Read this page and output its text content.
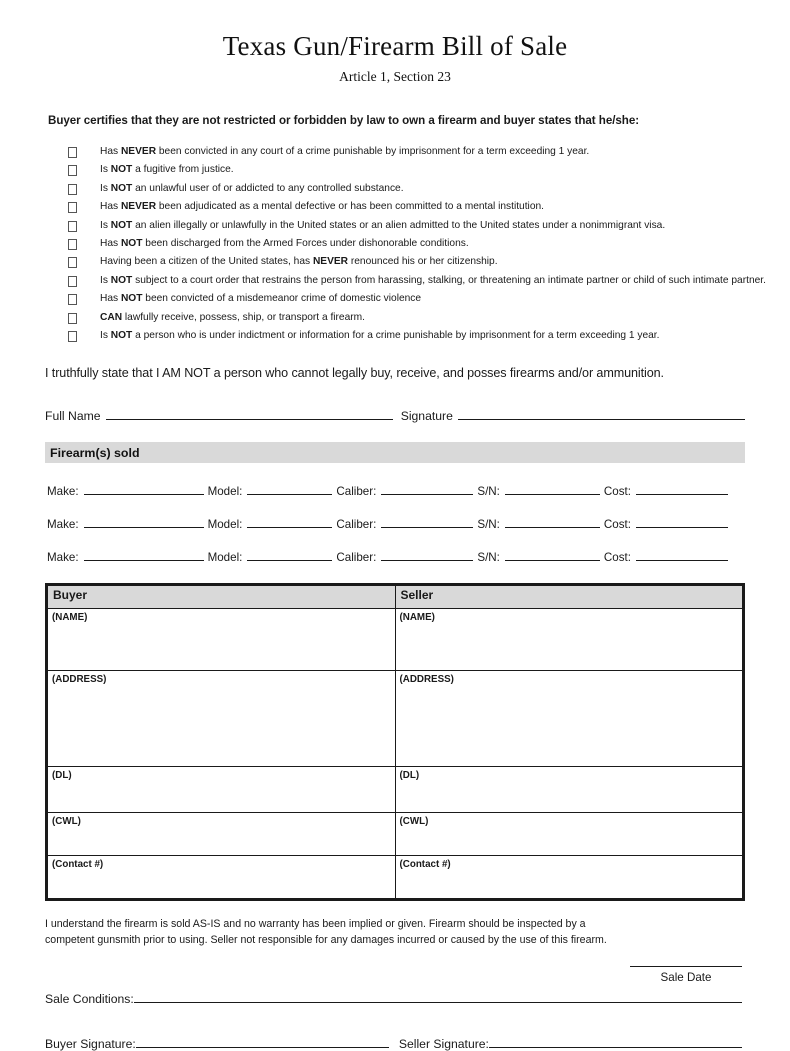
Texas Gun/Firearm Bill of Sale
Article 1, Section 23
Buyer certifies that they are not restricted or forbidden by law to own a firearm and buyer states that he/she:
Has NEVER been convicted in any court of a crime punishable by imprisonment for a term exceeding 1 year.
Is NOT a fugitive from justice.
Is NOT an unlawful user of or addicted to any controlled substance.
Has NEVER been adjudicated as a mental defective or has been committed to a mental institution.
Is NOT an alien illegally or unlawfully in the United states or an alien admitted to the United states under a nonimmigrant visa.
Has NOT been discharged from the Armed Forces under dishonorable conditions.
Having been a citizen of the United states, has NEVER renounced his or her citizenship.
Is NOT subject to a court order that restrains the person from harassing, stalking, or threatening an intimate partner or child of such intimate partner.
Has NOT been convicted of a misdemeanor crime of domestic violence
CAN lawfully receive, possess, ship, or transport a firearm.
Is NOT a person who is under indictment or information for a crime punishable by imprisonment for a term exceeding 1 year.
I truthfully state that I AM NOT a person who cannot legally buy, receive, and posses firearms and/or ammunition.
Full Name	Signature
Firearm(s) sold
Make:	Model:	Caliber:	S/N:	Cost:
Make:	Model:	Caliber:	S/N:	Cost:
Make:	Model:	Caliber:	S/N:	Cost:
Buyer	Seller
(NAME)	(NAME)
(ADDRESS)	(ADDRESS)
(DL)	(DL)
(CWL)	(CWL)
(Contact #)	(Contact #)
I understand the firearm is sold AS-IS and no warranty has been implied or given. Firearm should be inspected by a
competent gunsmith prior to using. Seller not responsible for any damages incurred or caused by the use of this firearm.
Sale Date
Sale Conditions:
Buyer Signature:	Seller Signature:
